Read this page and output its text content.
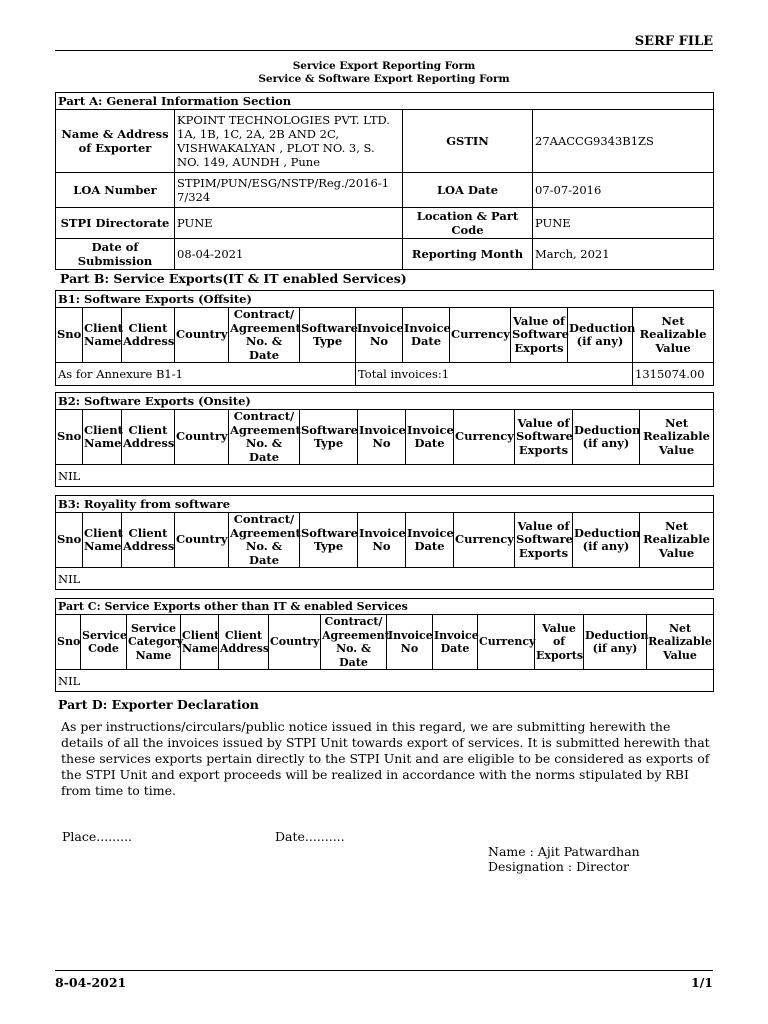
SERF FILE
Service Export Reporting Form
Service & Software Export Reporting Form
Part A: General Information Section			
Name & Address of Exporter	KPOINT TECHNOLOGIES PVT. LTD. 1A, 1B, 1C, 2A, 2B AND 2C, VISHWAKALYAN , PLOT NO. 3, S. NO. 149, AUNDH , Pune	GSTIN	27AACCG9343B1ZS
LOA Number	STPIM/PUN/ESG/NSTP/Reg./2016-17/324	LOA Date	07-07-2016
STPI Directorate	PUNE	Location & Part Code	PUNE
Date of Submission	08-04-2021	Reporting Month	March, 2021
Part B: Service Exports(IT & IT enabled Services)
B1: Software Exports (Offsite)											
Sno	Client Name	Client Address	Country	Contract/ Agreement No. & Date	Software Type	Invoice No	Invoice Date	Currency	Value of Software Exports	Deduction (if any)	Net Realizable Value
As for Annexure B1-1						Total invoices:1					1315074.00
B2: Software Exports (Onsite)
Sno	Client Name	Client Address	Country	Contract/ Agreement No. & Date	Software Type	Invoice No	Invoice Date	Currency	Value of Software Exports	Deduction (if any)	Net Realizable Value
NIL
B3: Royality from software
Sno	Client Name	Client Address	Country	Contract/ Agreement No. & Date	Software Type	Invoice No	Invoice Date	Currency	Value of Software Exports	Deduction (if any)	Net Realizable Value
NIL
Part C: Service Exports other than IT & enabled Services
Sno	Service Code	Service Category Name	Client Name	Client Address	Country	Contract/ Agreement No. & Date	Invoice No	Invoice Date	Currency	Value of Exports	Deduction (if any)	Net Realizable Value
NIL
Part D: Exporter Declaration
As per instructions/circulars/public notice issued in this regard, we are submitting herewith the details of all the invoices issued by STPI Unit towards export of services. It is submitted herewith that these services exports pertain directly to the STPI Unit and are eligible to be considered as exports of the STPI Unit and export proceeds will be realized in accordance with the norms stipulated by RBI from time to time.
Place.........	Date..........
Name : Ajit Patwardhan
Designation : Director
8-04-2021	1/1
